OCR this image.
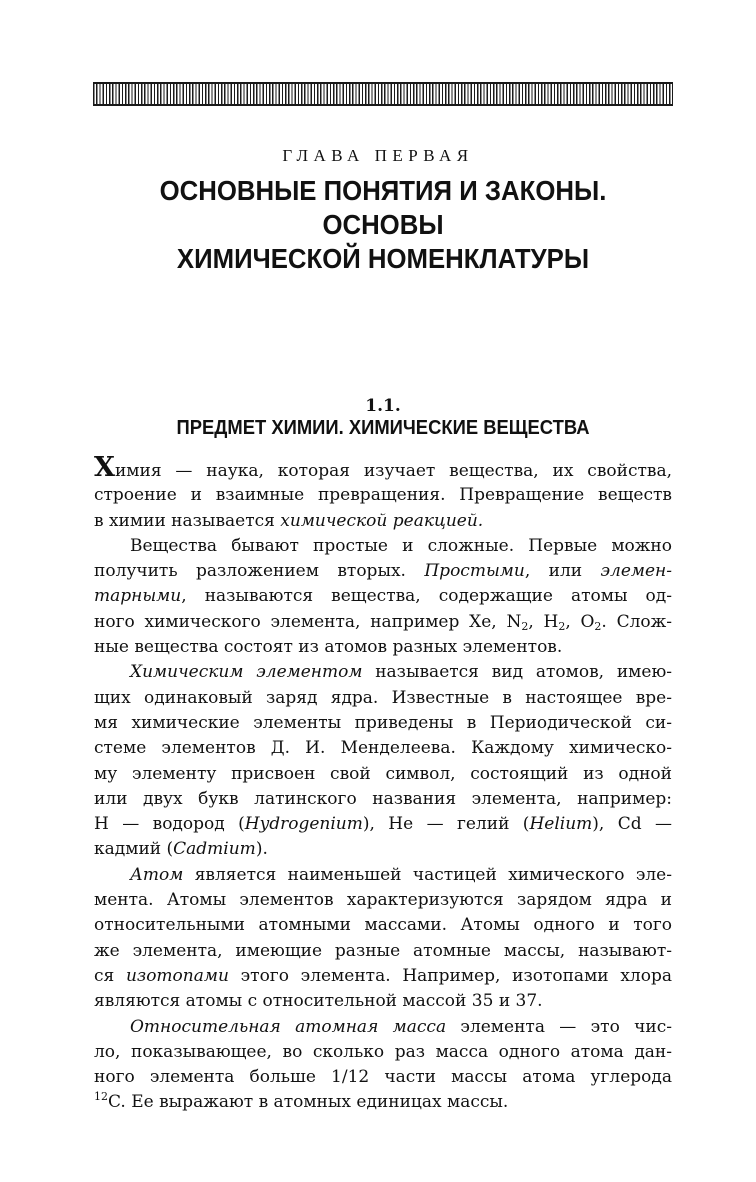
ГЛАВА ПЕРВАЯ
ОСНОВНЫЕ ПОНЯТИЯ И ЗАКОНЫ.
ОСНОВЫ
ХИМИЧЕСКОЙ НОМЕНКЛАТУРЫ
1.1.
ПРЕДМЕТ ХИМИИ. ХИМИЧЕСКИЕ ВЕЩЕСТВА
Химия — наука, которая изучает вещества, их свойства,
строение и взаимные превращения. Превращение веществ
в химии называется химической реакцией.
Вещества бывают простые и сложные. Первые можно
получить разложением вторых. Простыми, или элемен-
тарными, называются вещества, содержащие атомы од-
ного химического элемента, например Xe, $N_2$, $H_2$, $O_2$. Слож-
ные вещества состоят из атомов разных элементов.
Химическим элементом называется вид атомов, имею-
щих одинаковый заряд ядра. Известные в настоящее вре-
мя химические элементы приведены в Периодической си-
стеме элементов Д. И. Менделеева. Каждому химическо-
му элементу присвоен свой символ, состоящий из одной
или двух букв латинского названия элемента, например:
H — водород (Hydrogenium), He — гелий (Helium), Cd —
кадмий (Cadmium).
Атом является наименьшей частицей химического эле-
мента. Атомы элементов характеризуются зарядом ядра и
относительными атомными массами. Атомы одного и того
же элемента, имеющие разные атомные массы, называют-
ся изотопами этого элемента. Например, изотопами хлора
являются атомы с относительной массой 35 и 37.
Относительная атомная масса элемента — это чис-
ло, показывающее, во сколько раз масса одного атома дан-
ного элемента больше 1/12 части массы атома углерода
$^{12}$C. Ее выражают в атомных единицах массы.
